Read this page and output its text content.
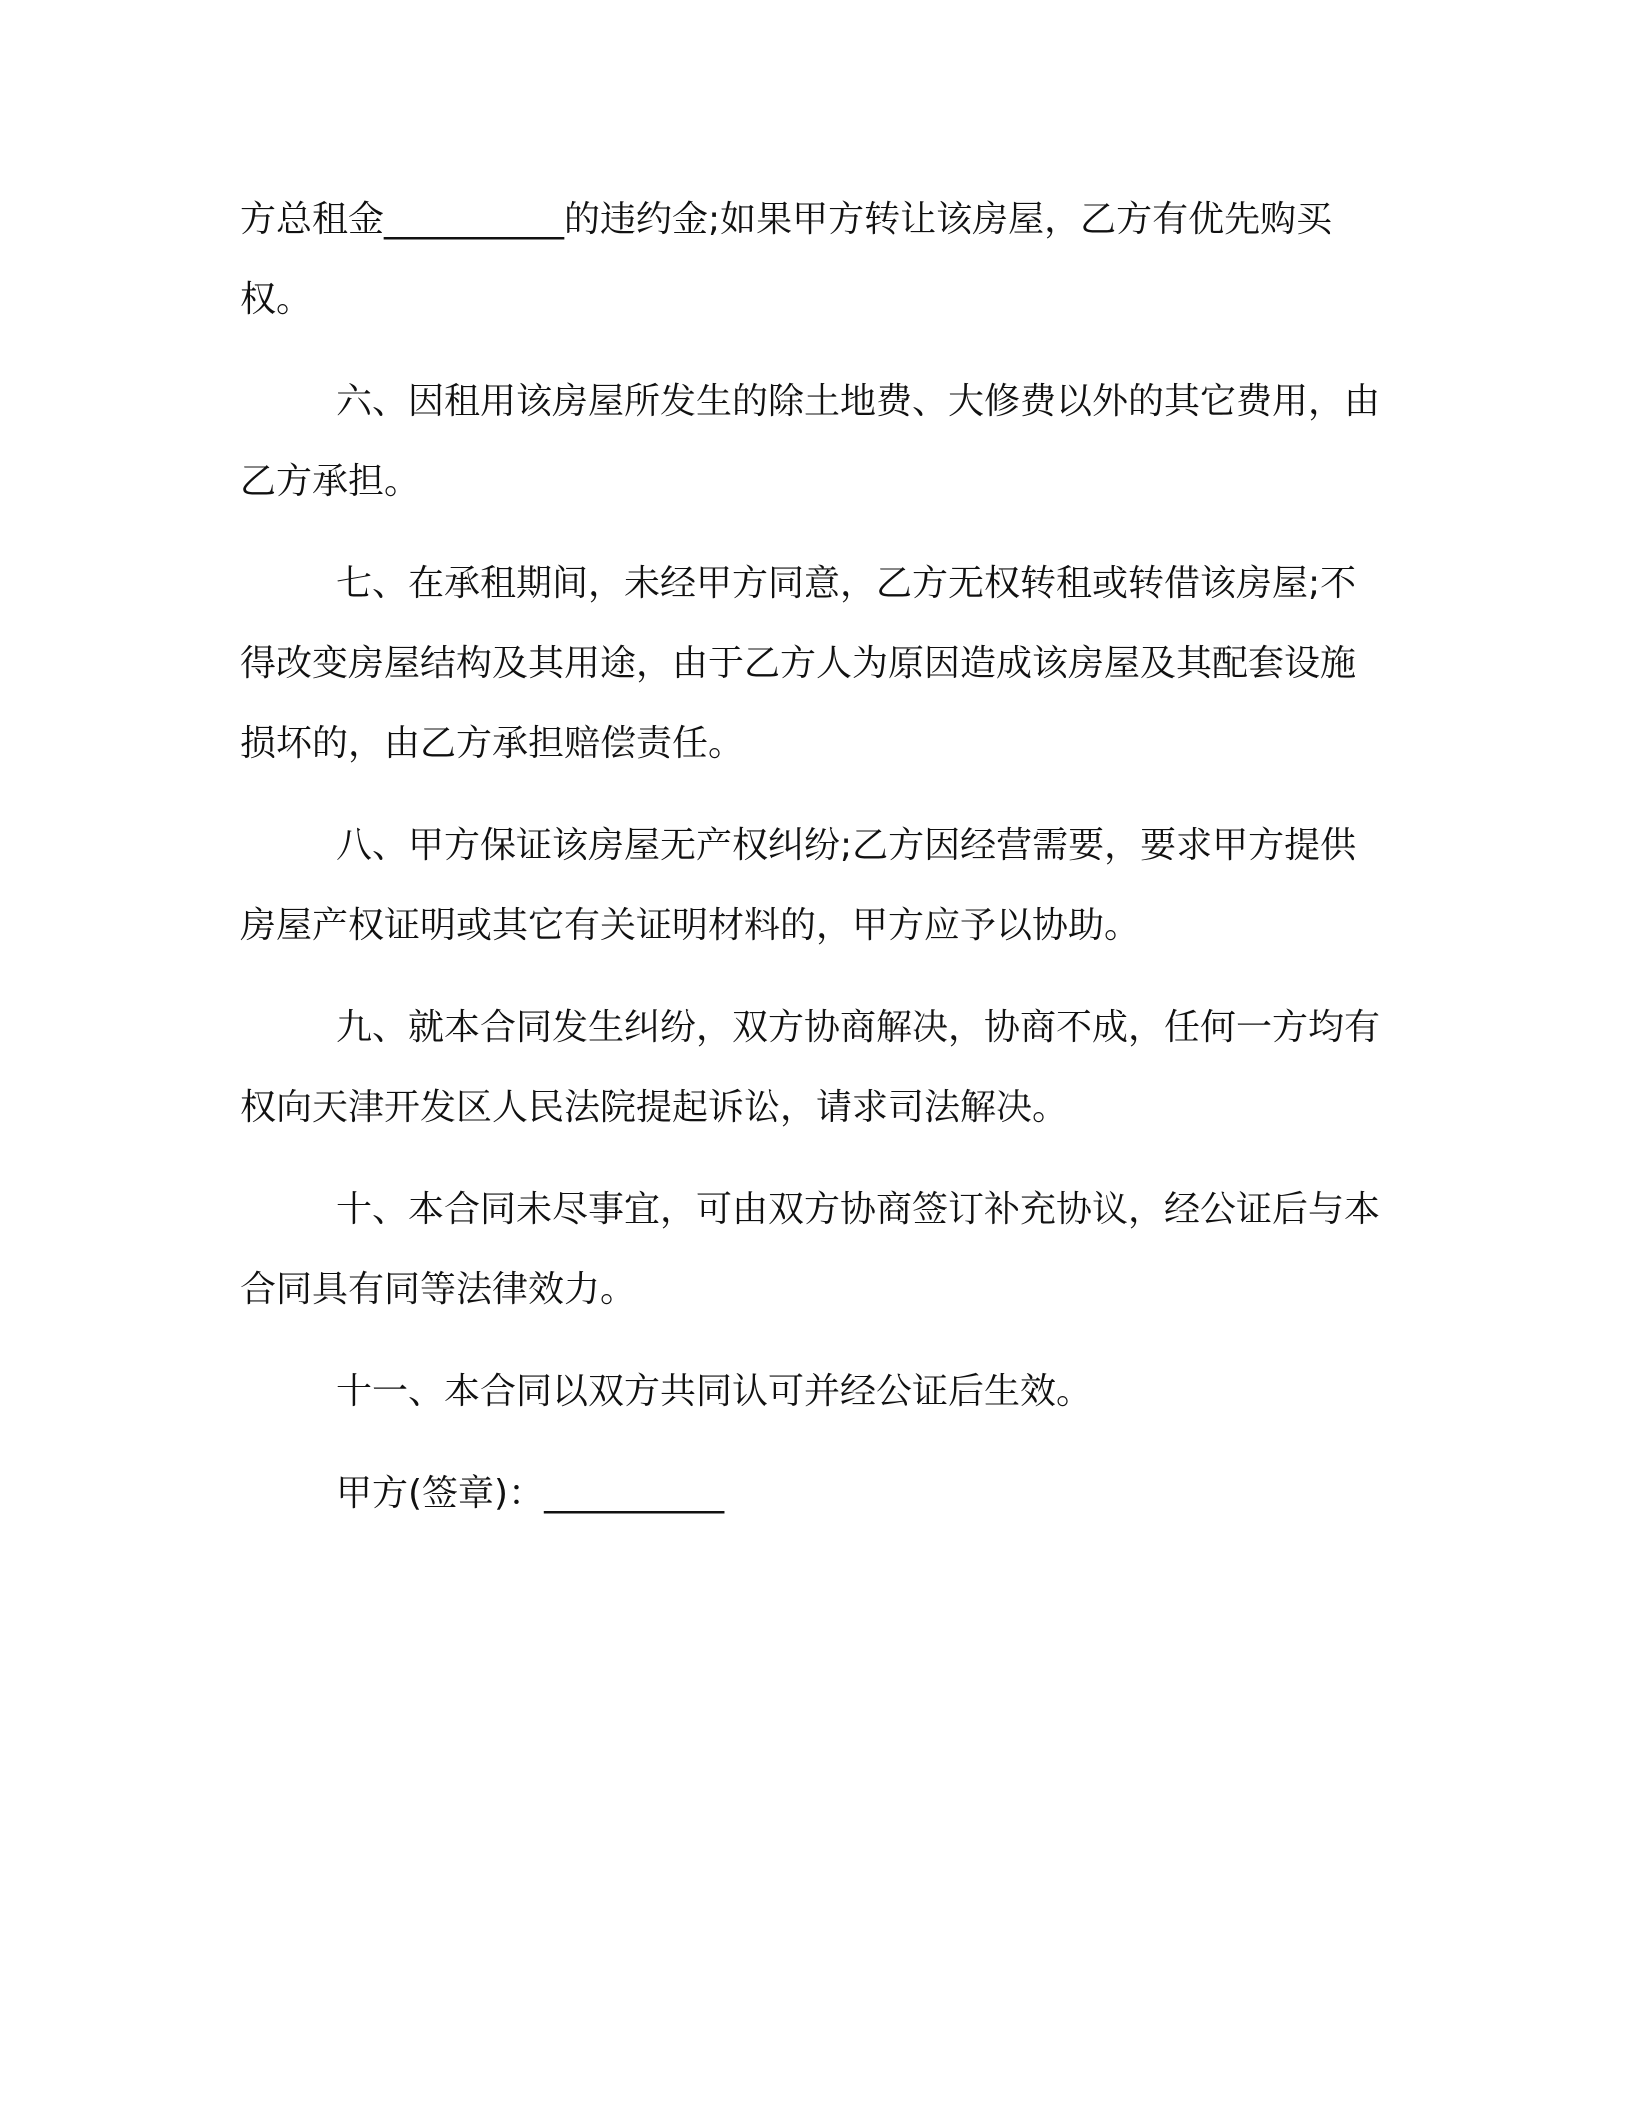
方总租金__________的违约金;如果甲方转让该房屋，乙方有优先购买权。

六、因租用该房屋所发生的除土地费、大修费以外的其它费用，由乙方承担。

七、在承租期间，未经甲方同意，乙方无权转租或转借该房屋;不得改变房屋结构及其用途，由于乙方人为原因造成该房屋及其配套设施损坏的，由乙方承担赔偿责任。

八、甲方保证该房屋无产权纠纷;乙方因经营需要，要求甲方提供房屋产权证明或其它有关证明材料的，甲方应予以协助。

九、就本合同发生纠纷，双方协商解决，协商不成，任何一方均有权向天津开发区人民法院提起诉讼，请求司法解决。

十、本合同未尽事宜，可由双方协商签订补充协议，经公证后与本合同具有同等法律效力。

十一、本合同以双方共同认可并经公证后生效。

甲方(签章)：__________
